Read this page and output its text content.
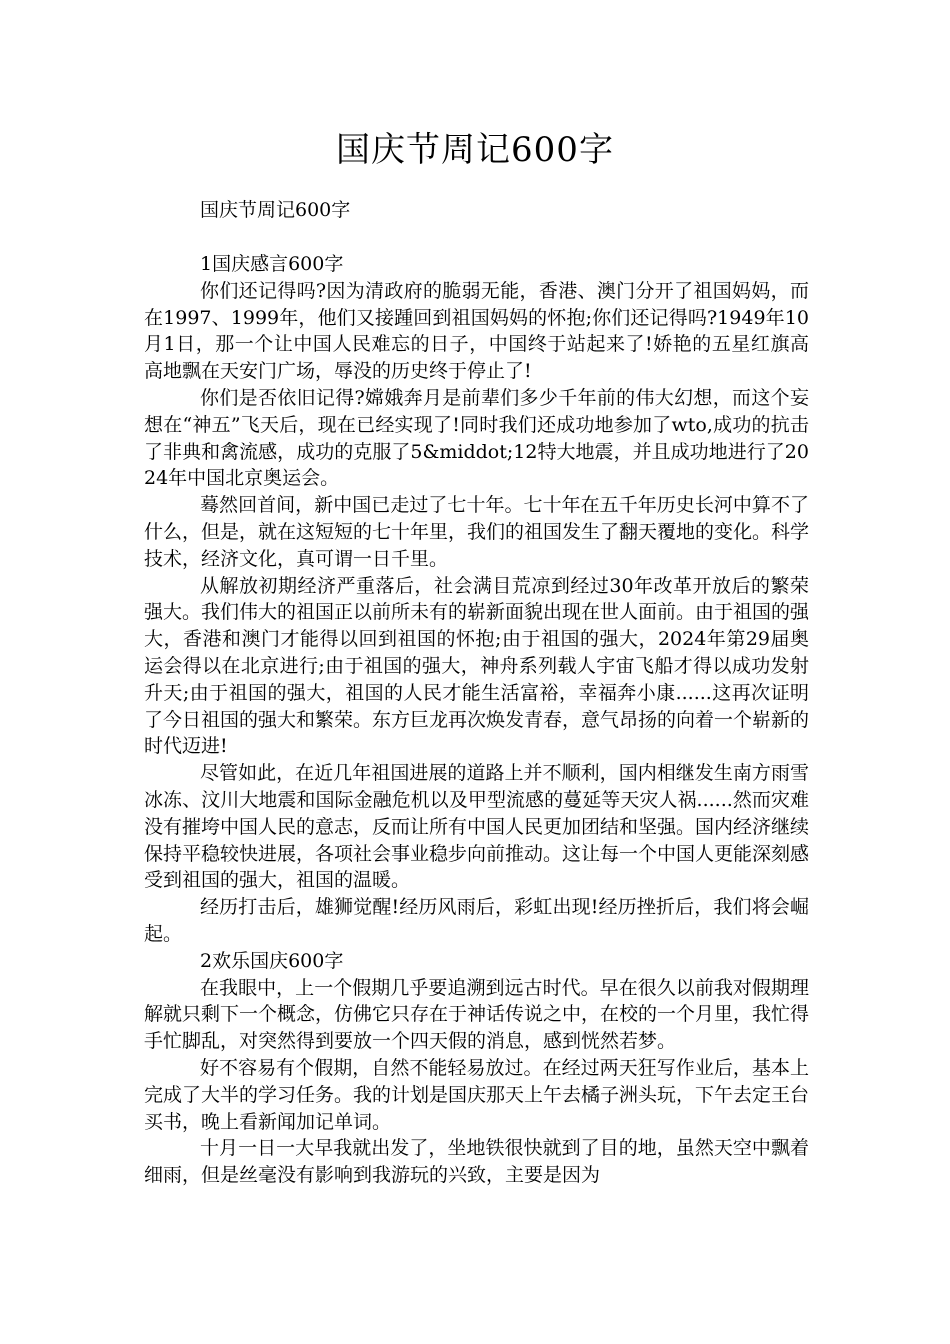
国庆节周记600字

国庆节周记600字

1国庆感言600字

你们还记得吗?因为清政府的脆弱无能，香港、澳门分开了祖国妈妈，而在1997、1999年，他们又接踵回到祖国妈妈的怀抱;你们还记得吗?1949年10月1日，那一个让中国人民难忘的日子，中国终于站起来了!娇艳的五星红旗高高地飘在天安门广场，辱没的历史终于停止了!

你们是否依旧记得?嫦娥奔月是前辈们多少千年前的伟大幻想，而这个妄想在“神五”飞天后，现在已经实现了!同时我们还成功地参加了wto,成功的抗击了非典和禽流感，成功的克服了5&middot;12特大地震，并且成功地进行了2024年中国北京奥运会。

蓦然回首间，新中国已走过了七十年。七十年在五千年历史长河中算不了什么，但是，就在这短短的七十年里，我们的祖国发生了翻天覆地的变化。科学技术，经济文化，真可谓一日千里。

从解放初期经济严重落后，社会满目荒凉到经过30年改革开放后的繁荣强大。我们伟大的祖国正以前所未有的崭新面貌出现在世人面前。由于祖国的强大，香港和澳门才能得以回到祖国的怀抱;由于祖国的强大，2024年第29届奥运会得以在北京进行;由于祖国的强大，神舟系列载人宇宙飞船才得以成功发射升天;由于祖国的强大，祖国的人民才能生活富裕，幸福奔小康......这再次证明了今日祖国的强大和繁荣。东方巨龙再次焕发青春，意气昂扬的向着一个崭新的时代迈进!

尽管如此，在近几年祖国进展的道路上并不顺利，国内相继发生南方雨雪冰冻、汶川大地震和国际金融危机以及甲型流感的蔓延等天灾人祸......然而灾难没有摧垮中国人民的意志，反而让所有中国人民更加团结和坚强。国内经济继续保持平稳较快进展，各项社会事业稳步向前推动。这让每一个中国人更能深刻感受到祖国的强大，祖国的温暖。

经历打击后，雄狮觉醒!经历风雨后，彩虹出现!经历挫折后，我们将会崛起。

2欢乐国庆600字

在我眼中，上一个假期几乎要追溯到远古时代。早在很久以前我对假期理解就只剩下一个概念，仿佛它只存在于神话传说之中，在校的一个月里，我忙得手忙脚乱，对突然得到要放一个四天假的消息，感到恍然若梦。

好不容易有个假期，自然不能轻易放过。在经过两天狂写作业后，基本上完成了大半的学习任务。我的计划是国庆那天上午去橘子洲头玩，下午去定王台买书，晚上看新闻加记单词。

十月一日一大早我就出发了，坐地铁很快就到了目的地，虽然天空中飘着细雨，但是丝毫没有影响到我游玩的兴致，主要是因为
